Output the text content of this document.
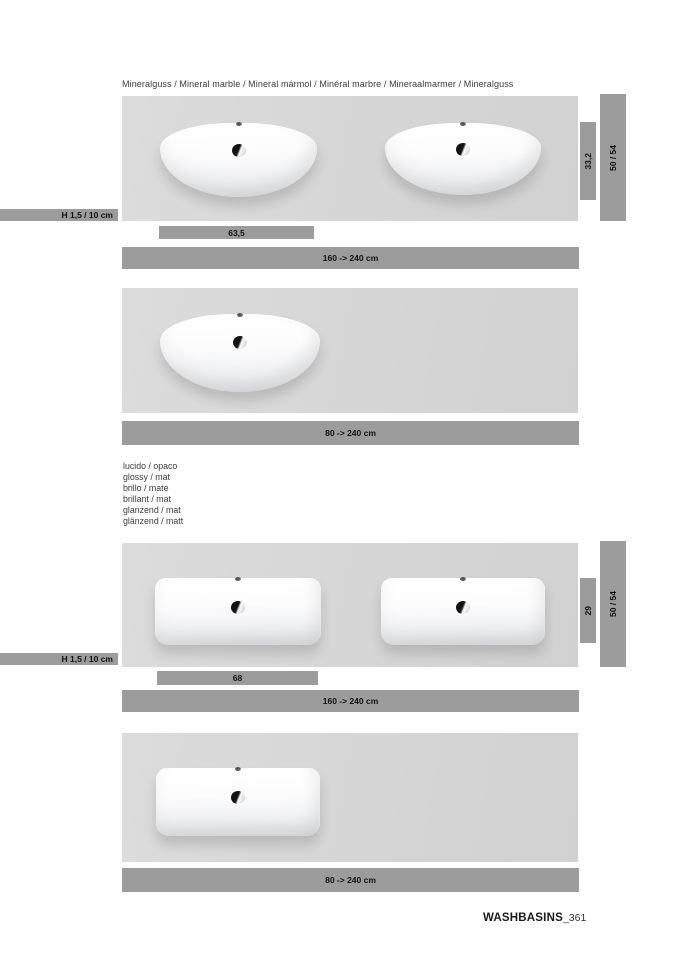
Mineralguss / Mineral marble / Mineral mármol / Minéral marbre / Mineraalmarmer / Mineralguss
33,2 50 / 54
H 1,5 / 10 cm
63,5
160 -> 240 cm
80 -> 240 cm
lucido / opaco
glossy / mat
brillo / mate
brillant / mat
glanzend / mat
glänzend / matt
29 50 / 54
H 1,5 / 10 cm
68
160 -> 240 cm
80 -> 240 cm
WASHBASINS_361
